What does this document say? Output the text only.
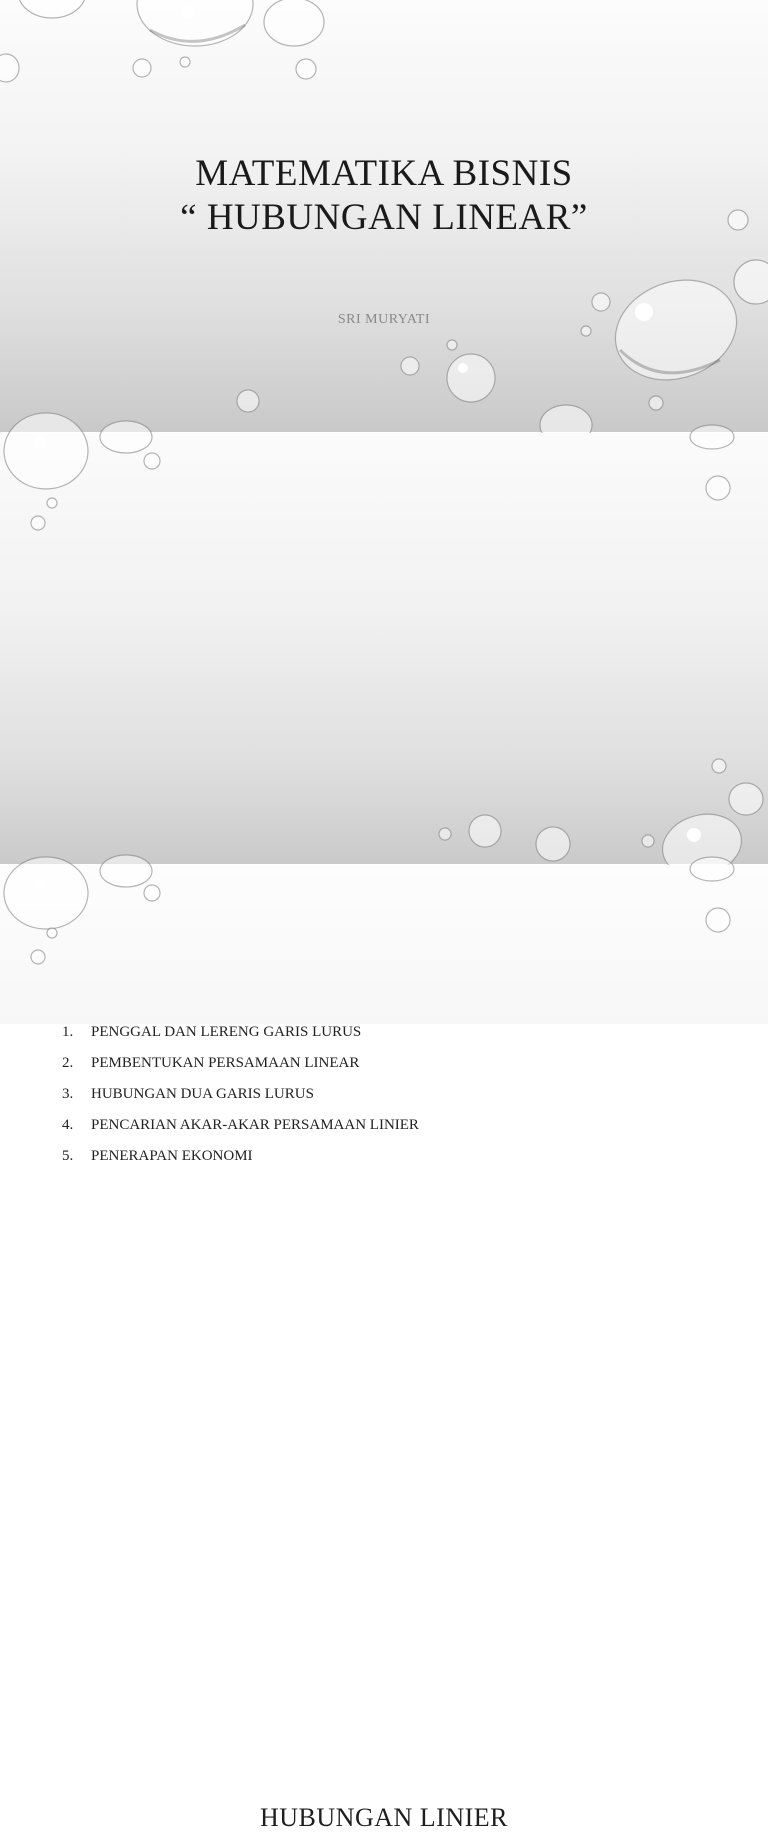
MATEMATIKA BISNIS
“ HUBUNGAN LINEAR”
SRI MURYATI
1. PENGGAL DAN LERENG GARIS LURUS
2. PEMBENTUKAN PERSAMAAN LINEAR
3. HUBUNGAN DUA GARIS LURUS
4. PENCARIAN AKAR-AKAR PERSAMAAN LINIER
5. PENERAPAN EKONOMI
HUBUNGAN LINIER
